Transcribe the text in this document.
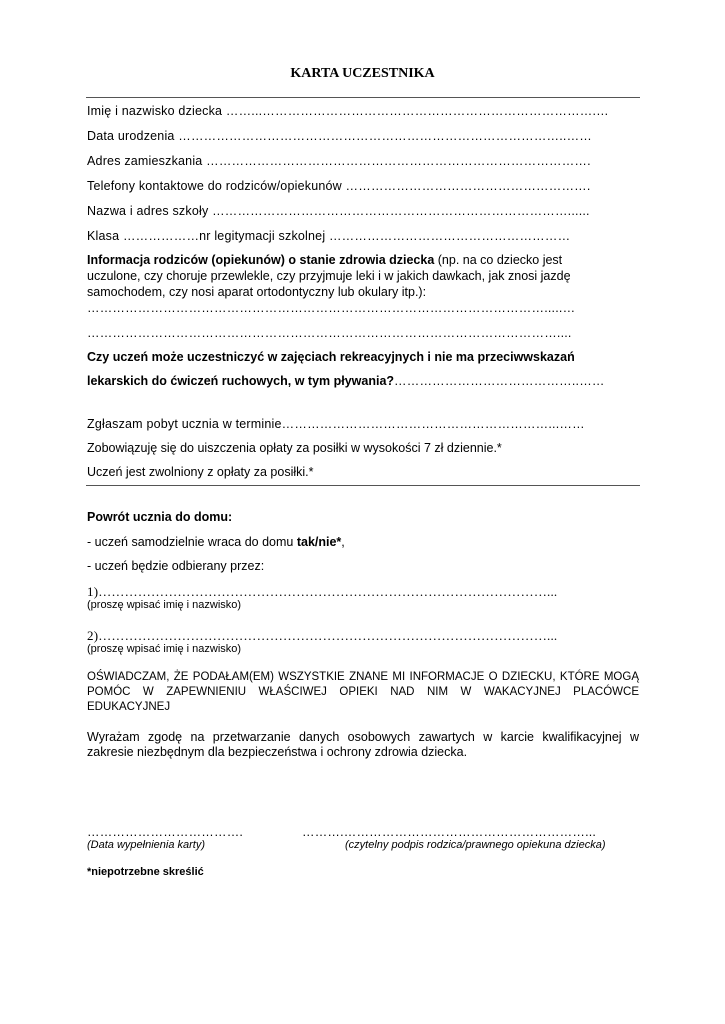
KARTA UCZESTNIKA
Imię i nazwisko dziecka ……...…………………………………………………………………….…
Data urodzenia ………………………………………………………………………………..……
Adres zamieszkania ……………………………………………………………………………….
Telefony kontaktowe do rodziców/opiekunów ………………………………………………….
Nazwa i adres szkoły …………………………………………………………………………......
Klasa ………………nr legitymacji szkolnej …………………………………………………
Informacja rodziców (opiekunów) o stanie zdrowia dziecka (np. na co dziecko jest
uczulone, czy choruje przewlekle, czy przyjmuje leki i w jakich dawkach, jak znosi jazdę
samochodem, czy nosi aparat ortodontyczny lub okulary itp.):
……………………………………………………………………………………………….....…
…………………………………………………………………………………………………....
Czy uczeń może uczestniczyć w zajęciach rekreacyjnych i nie ma przeciwwskazań
lekarskich do ćwiczeń ruchowych, w tym pływania?……………………………………..……
Zgłaszam pobyt ucznia w terminie………………………………………………………...……
Zobowiązuję się do uiszczenia opłaty za posiłki w wysokości 7 zł dziennie.*
Uczeń jest zwolniony z opłaty za posiłki.*
Powrót ucznia do domu:
- uczeń samodzielnie wraca do domu tak/nie*,
- uczeń będzie odbierany przez:
1)…………………………………………………………………………………………...
(proszę wpisać imię i nazwisko)
2)…………………………………………………………………………………………...
(proszę wpisać imię i nazwisko)
OŚWIADCZAM, ŻE PODAŁAM(EM) WSZYSTKIE ZNANE MI INFORMACJE O DZIECKU, KTÓRE MOGĄ POMÓC W ZAPEWNIENIU WŁAŚCIWEJ OPIEKI NAD NIM W WAKACYJNEJ PLACÓWCE EDUKACYJNEJ
Wyrażam zgodę na przetwarzanie danych osobowych zawartych w karcie kwalifikacyjnej w zakresie niezbędnym dla bezpieczeństwa i ochrony zdrowia dziecka.
……………………………….	……….…………………………………………………...
(Data wypełnienia karty)	(czytelny podpis rodzica/prawnego opiekuna dziecka)
*niepotrzebne skreślić
